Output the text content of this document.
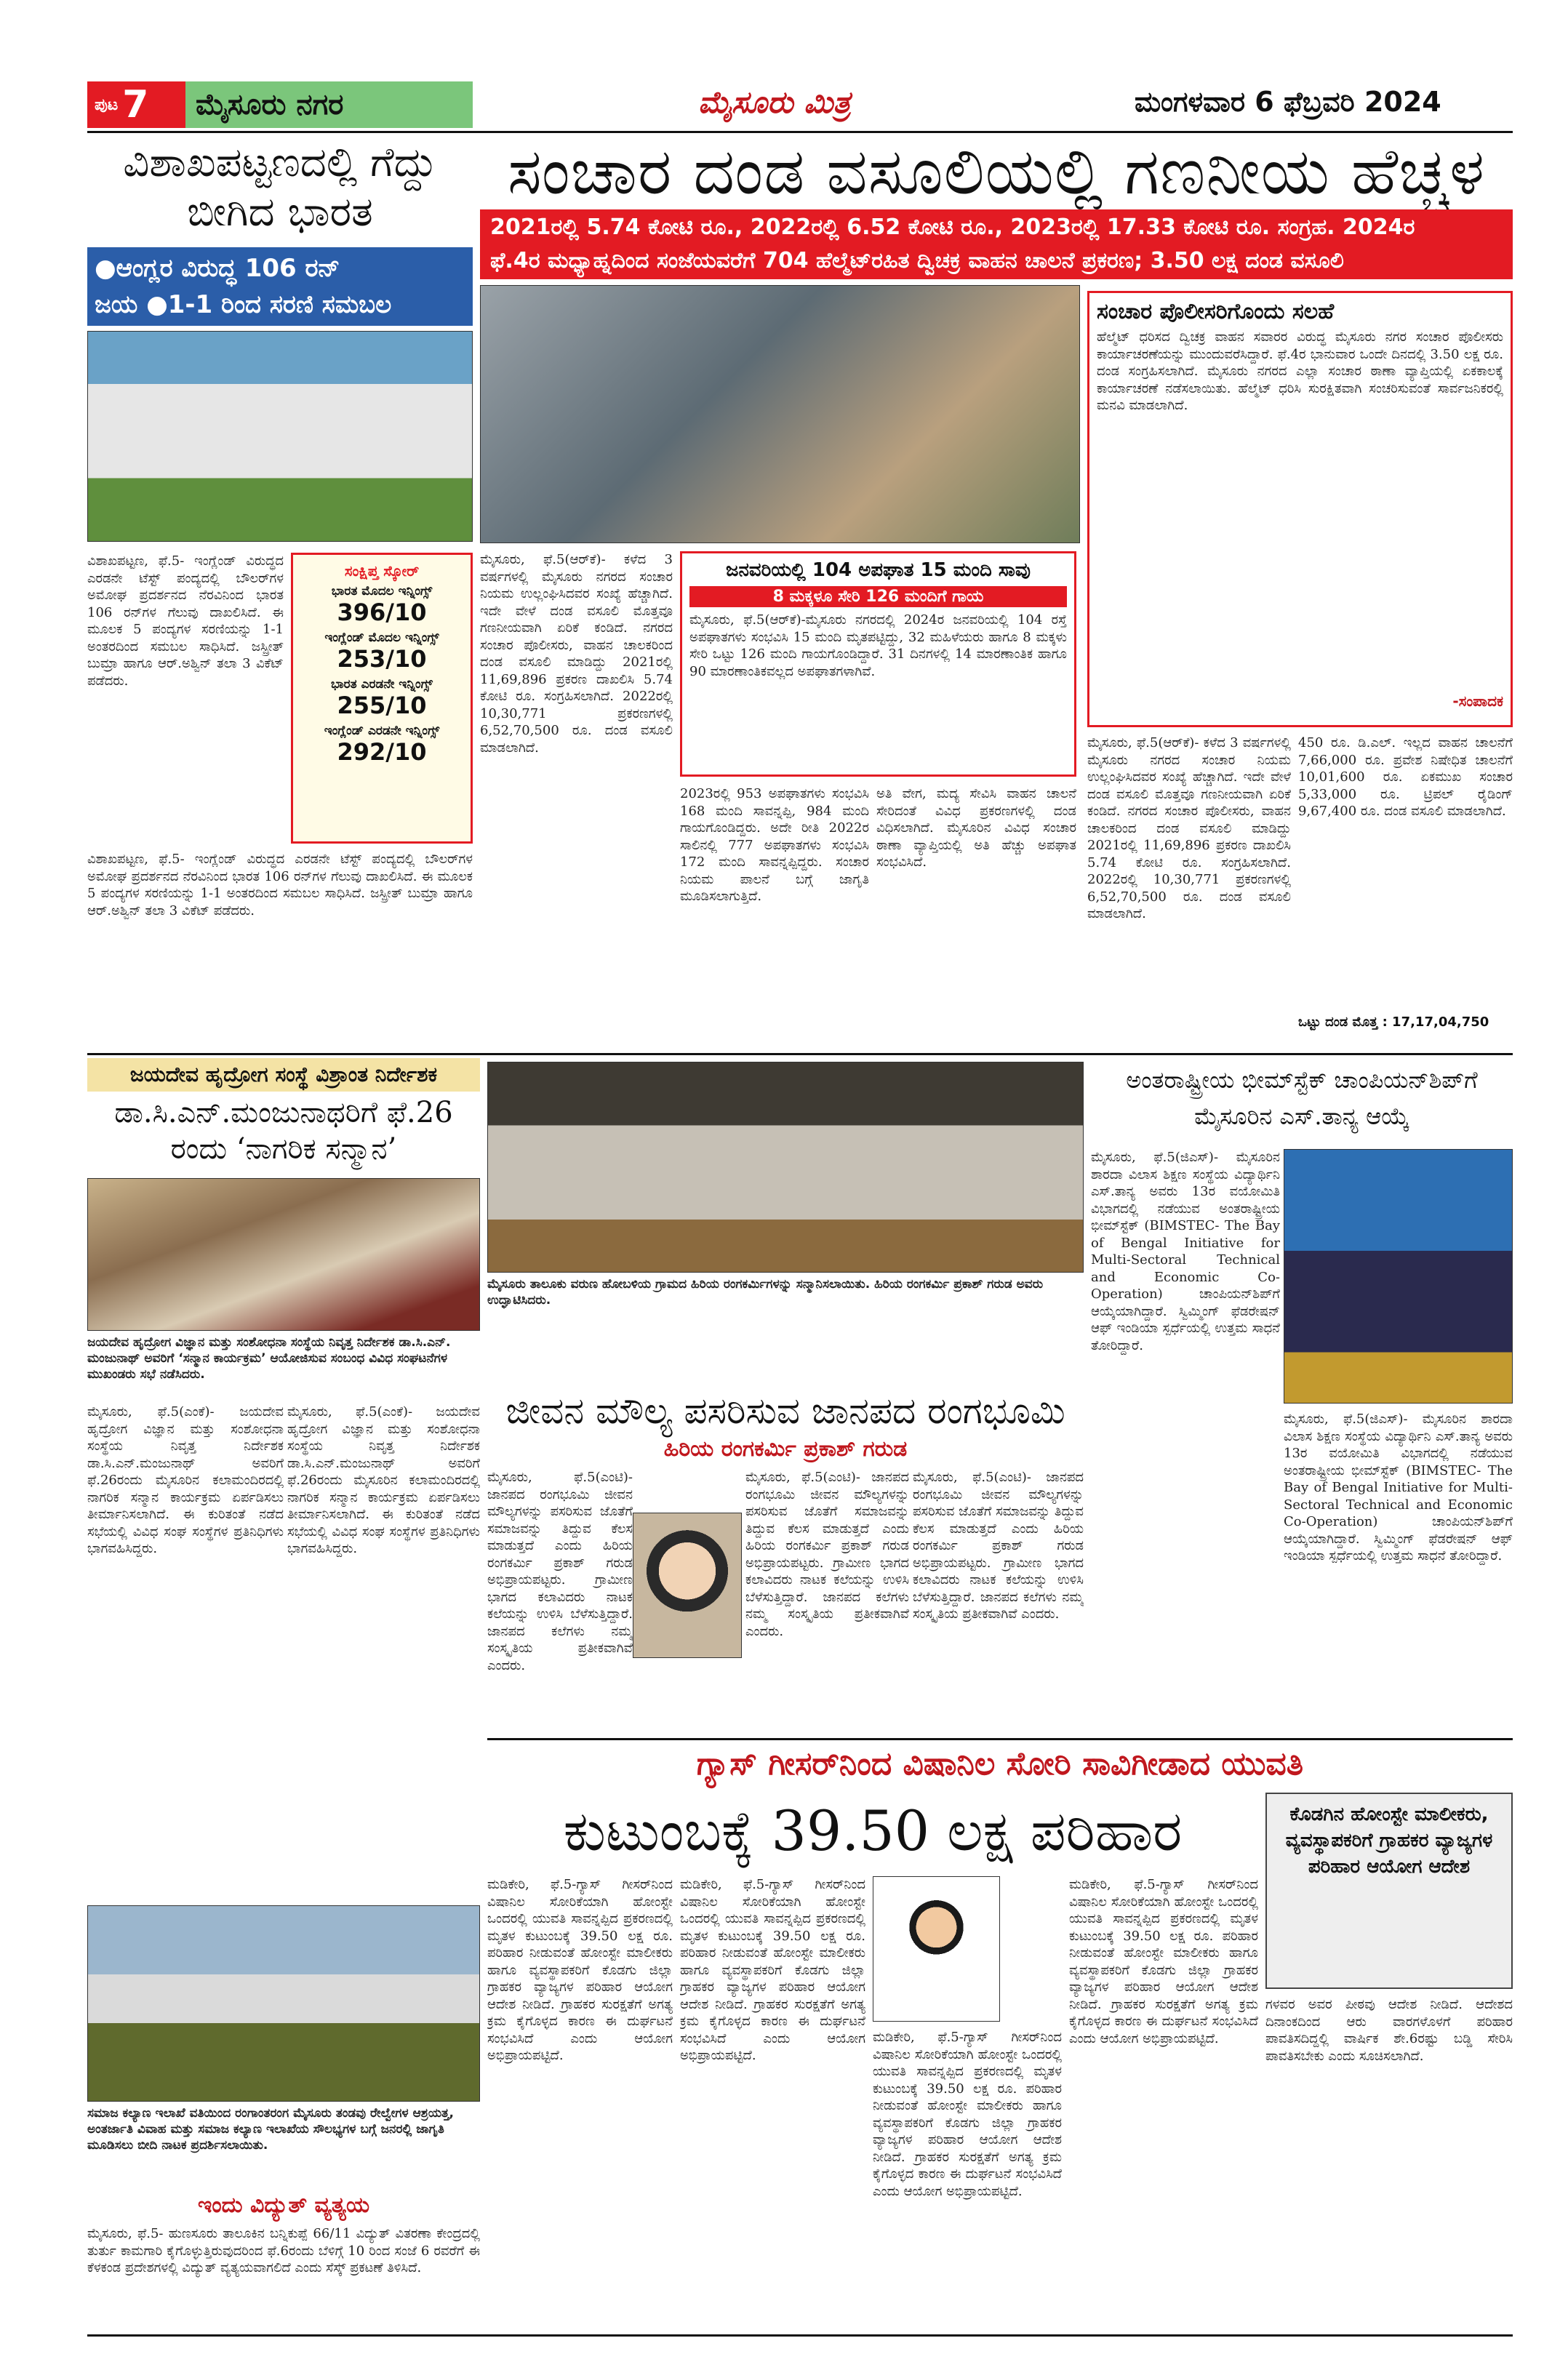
ಪುಟ 7	ಮೈಸೂರು ನಗರ	ಮೈಸೂರು ಮಿತ್ರ	ಮಂಗಳವಾರ 6 ಫೆಬ್ರವರಿ 2024
ವಿಶಾಖಪಟ್ಟಣದಲ್ಲಿ ಗೆದ್ದು ಬೀಗಿದ ಭಾರತ
●ಆಂಗ್ಲರ ವಿರುದ್ಧ 106 ರನ್
ಜಯ ●1-1 ರಿಂದ ಸರಣಿ ಸಮಬಲ
ವಿಶಾಖಪಟ್ಟಣ, ಫೆ.5- ಇಂಗ್ಲೆಂಡ್ ವಿರುದ್ಧದ ಎರಡನೇ ಟೆಸ್ಟ್ ಪಂದ್ಯದಲ್ಲಿ ಬೌಲರ್‌ಗಳ ಅಮೋಘ ಪ್ರದರ್ಶನದ ನೆರವಿನಿಂದ ಭಾರತ 106 ರನ್‌ಗಳ ಗೆಲುವು ದಾಖಲಿಸಿದೆ. ಈ ಮೂಲಕ 5 ಪಂದ್ಯಗಳ ಸರಣಿಯನ್ನು 1-1 ಅಂತರದಿಂದ ಸಮಬಲ ಸಾಧಿಸಿದೆ. ಜಸ್ಪ್ರೀತ್ ಬುಮ್ರಾ ಹಾಗೂ ಆರ್.ಅಶ್ವಿನ್ ತಲಾ 3 ವಿಕೆಟ್ ಪಡೆದರು.
ಸಂಕ್ಷಿಪ್ತ ಸ್ಕೋರ್
ಭಾರತ ಮೊದಲ ಇನ್ನಿಂಗ್ಸ್
396/10
ಇಂಗ್ಲೆಂಡ್ ಮೊದಲ ಇನ್ನಿಂಗ್ಸ್
253/10
ಭಾರತ ಎರಡನೇ ಇನ್ನಿಂಗ್ಸ್
255/10
ಇಂಗ್ಲೆಂಡ್ ಎರಡನೇ ಇನ್ನಿಂಗ್ಸ್
292/10
ವಿಶಾಖಪಟ್ಟಣ, ಫೆ.5- ಇಂಗ್ಲೆಂಡ್ ವಿರುದ್ಧದ ಎರಡನೇ ಟೆಸ್ಟ್ ಪಂದ್ಯದಲ್ಲಿ ಬೌಲರ್‌ಗಳ ಅಮೋಘ ಪ್ರದರ್ಶನದ ನೆರವಿನಿಂದ ಭಾರತ 106 ರನ್‌ಗಳ ಗೆಲುವು ದಾಖಲಿಸಿದೆ. ಈ ಮೂಲಕ 5 ಪಂದ್ಯಗಳ ಸರಣಿಯನ್ನು 1-1 ಅಂತರದಿಂದ ಸಮಬಲ ಸಾಧಿಸಿದೆ. ಜಸ್ಪ್ರೀತ್ ಬುಮ್ರಾ ಹಾಗೂ ಆರ್.ಅಶ್ವಿನ್ ತಲಾ 3 ವಿಕೆಟ್ ಪಡೆದರು.
ಸಂಚಾರ ದಂಡ ವಸೂಲಿಯಲ್ಲಿ ಗಣನೀಯ ಹೆಚ್ಚಳ
2021ರಲ್ಲಿ 5.74 ಕೋಟಿ ರೂ., 2022ರಲ್ಲಿ 6.52 ಕೋಟಿ ರೂ., 2023ರಲ್ಲಿ 17.33 ಕೋಟಿ ರೂ. ಸಂಗ್ರಹ. 2024ರ
ಫೆ.4ರ ಮಧ್ಯಾಹ್ನದಿಂದ ಸಂಜೆಯವರೆಗೆ 704 ಹೆಲ್ಮೆಟ್‌ರಹಿತ ದ್ವಿಚಕ್ರ ವಾಹನ ಚಾಲನೆ ಪ್ರಕರಣ; 3.50 ಲಕ್ಷ ದಂಡ ವಸೂಲಿ
ಮೈಸೂರು, ಫೆ.5(ಆರ್‌ಕೆ)- ಕಳೆದ 3 ವರ್ಷಗಳಲ್ಲಿ ಮೈಸೂರು ನಗರದ ಸಂಚಾರ ನಿಯಮ ಉಲ್ಲಂಘಿಸಿದವರ ಸಂಖ್ಯೆ ಹೆಚ್ಚಾಗಿದೆ. ಇದೇ ವೇಳೆ ದಂಡ ವಸೂಲಿ ಮೊತ್ತವೂ ಗಣನೀಯವಾಗಿ ಏರಿಕೆ ಕಂಡಿದೆ. ನಗರದ ಸಂಚಾರ ಪೊಲೀಸರು, ವಾಹನ ಚಾಲಕರಿಂದ ದಂಡ ವಸೂಲಿ ಮಾಡಿದ್ದು 2021ರಲ್ಲಿ 11,69,896 ಪ್ರಕರಣ ದಾಖಲಿಸಿ 5.74 ಕೋಟಿ ರೂ. ಸಂಗ್ರಹಿಸಲಾಗಿದೆ. 2022ರಲ್ಲಿ 10,30,771 ಪ್ರಕರಣಗಳಲ್ಲಿ 6,52,70,500 ರೂ. ದಂಡ ವಸೂಲಿ ಮಾಡಲಾಗಿದೆ.
ಜನವರಿಯಲ್ಲಿ 104 ಅಪಘಾತ 15 ಮಂದಿ ಸಾವು
8 ಮಕ್ಕಳೂ ಸೇರಿ 126 ಮಂದಿಗೆ ಗಾಯ
ಮೈಸೂರು, ಫೆ.5(ಆರ್‌ಕೆ)-ಮೈಸೂರು ನಗರದಲ್ಲಿ 2024ರ ಜನವರಿಯಲ್ಲಿ 104 ರಸ್ತೆ ಅಪಘಾತಗಳು ಸಂಭವಿಸಿ 15 ಮಂದಿ ಮೃತಪಟ್ಟಿದ್ದು, 32 ಮಹಿಳೆಯರು ಹಾಗೂ 8 ಮಕ್ಕಳು ಸೇರಿ ಒಟ್ಟು 126 ಮಂದಿ ಗಾಯಗೊಂಡಿದ್ದಾರೆ. 31 ದಿನಗಳಲ್ಲಿ 14 ಮಾರಣಾಂತಿಕ ಹಾಗೂ 90 ಮಾರಣಾಂತಿಕವಲ್ಲದ ಅಪಘಾತಗಳಾಗಿವೆ.
2023ರಲ್ಲಿ 953 ಅಪಘಾತಗಳು ಸಂಭವಿಸಿ 168 ಮಂದಿ ಸಾವನ್ನಪ್ಪಿ, 984 ಮಂದಿ ಗಾಯಗೊಂಡಿದ್ದರು. ಅದೇ ರೀತಿ 2022ರ ಸಾಲಿನಲ್ಲಿ 777 ಅಪಘಾತಗಳು ಸಂಭವಿಸಿ 172 ಮಂದಿ ಸಾವನ್ನಪ್ಪಿದ್ದರು. ಸಂಚಾರ ನಿಯಮ ಪಾಲನೆ ಬಗ್ಗೆ ಜಾಗೃತಿ ಮೂಡಿಸಲಾಗುತ್ತಿದೆ.
ಅತಿ ವೇಗ, ಮದ್ಯ ಸೇವಿಸಿ ವಾಹನ ಚಾಲನೆ ಸೇರಿದಂತೆ ವಿವಿಧ ಪ್ರಕರಣಗಳಲ್ಲಿ ದಂಡ ವಿಧಿಸಲಾಗಿದೆ. ಮೈಸೂರಿನ ವಿವಿಧ ಸಂಚಾರ ಠಾಣಾ ವ್ಯಾಪ್ತಿಯಲ್ಲಿ ಅತಿ ಹೆಚ್ಚು ಅಪಘಾತ ಸಂಭವಿಸಿದೆ.
ಸಂಚಾರ ಪೊಲೀಸರಿಗೊಂದು ಸಲಹೆ
ಹೆಲ್ಮೆಟ್ ಧರಿಸದ ದ್ವಿಚಕ್ರ ವಾಹನ ಸವಾರರ ವಿರುದ್ಧ ಮೈಸೂರು ನಗರ ಸಂಚಾರ ಪೊಲೀಸರು ಕಾರ್ಯಾಚರಣೆಯನ್ನು ಮುಂದುವರೆಸಿದ್ದಾರೆ. ಫೆ.4ರ ಭಾನುವಾರ ಒಂದೇ ದಿನದಲ್ಲಿ 3.50 ಲಕ್ಷ ರೂ. ದಂಡ ಸಂಗ್ರಹಿಸಲಾಗಿದೆ. ಮೈಸೂರು ನಗರದ ಎಲ್ಲಾ ಸಂಚಾರ ಠಾಣಾ ವ್ಯಾಪ್ತಿಯಲ್ಲಿ ಏಕಕಾಲಕ್ಕೆ ಕಾರ್ಯಾಚರಣೆ ನಡೆಸಲಾಯಿತು. ಹೆಲ್ಮೆಟ್ ಧರಿಸಿ ಸುರಕ್ಷಿತವಾಗಿ ಸಂಚರಿಸುವಂತೆ ಸಾರ್ವಜನಿಕರಲ್ಲಿ ಮನವಿ ಮಾಡಲಾಗಿದೆ.
-ಸಂಪಾದಕ
ಮೈಸೂರು, ಫೆ.5(ಆರ್‌ಕೆ)- ಕಳೆದ 3 ವರ್ಷಗಳಲ್ಲಿ ಮೈಸೂರು ನಗರದ ಸಂಚಾರ ನಿಯಮ ಉಲ್ಲಂಘಿಸಿದವರ ಸಂಖ್ಯೆ ಹೆಚ್ಚಾಗಿದೆ. ಇದೇ ವೇಳೆ ದಂಡ ವಸೂಲಿ ಮೊತ್ತವೂ ಗಣನೀಯವಾಗಿ ಏರಿಕೆ ಕಂಡಿದೆ. ನಗರದ ಸಂಚಾರ ಪೊಲೀಸರು, ವಾಹನ ಚಾಲಕರಿಂದ ದಂಡ ವಸೂಲಿ ಮಾಡಿದ್ದು 2021ರಲ್ಲಿ 11,69,896 ಪ್ರಕರಣ ದಾಖಲಿಸಿ 5.74 ಕೋಟಿ ರೂ. ಸಂಗ್ರಹಿಸಲಾಗಿದೆ. 2022ರಲ್ಲಿ 10,30,771 ಪ್ರಕರಣಗಳಲ್ಲಿ 6,52,70,500 ರೂ. ದಂಡ ವಸೂಲಿ ಮಾಡಲಾಗಿದೆ.
450 ರೂ. ಡಿ.ಎಲ್. ಇಲ್ಲದ ವಾಹನ ಚಾಲನೆಗೆ 7,66,000 ರೂ. ಪ್ರವೇಶ ನಿಷೇಧಿತ ಚಾಲನೆಗೆ 10,01,600 ರೂ. ಏಕಮುಖ ಸಂಚಾರ 5,33,000 ರೂ. ಟ್ರಿಪಲ್ ರೈಡಿಂಗ್ 9,67,400 ರೂ. ದಂಡ ವಸೂಲಿ ಮಾಡಲಾಗಿದೆ.
ಒಟ್ಟು ದಂಡ ಮೊತ್ತ : 17,17,04,750
ಜಯದೇವ ಹೃದ್ರೋಗ ಸಂಸ್ಥೆ ವಿಶ್ರಾಂತ ನಿರ್ದೇಶಕ
ಡಾ.ಸಿ.ಎನ್.ಮಂಜುನಾಥರಿಗೆ ಫೆ.26 ರಂದು ‘ನಾಗರಿಕ ಸನ್ಮಾನ’
ಜಯದೇವ ಹೃದ್ರೋಗ ವಿಜ್ಞಾನ ಮತ್ತು ಸಂಶೋಧನಾ ಸಂಸ್ಥೆಯ ನಿವೃತ್ತ ನಿರ್ದೇಶಕ ಡಾ.ಸಿ.ಎನ್. ಮಂಜುನಾಥ್ ಅವರಿಗೆ ‘ಸನ್ಮಾನ ಕಾರ್ಯಕ್ರಮ’ ಆಯೋಜಿಸುವ ಸಂಬಂಧ ವಿವಿಧ ಸಂಘಟನೆಗಳ ಮುಖಂಡರು ಸಭೆ ನಡೆಸಿದರು.
ಮೈಸೂರು, ಫೆ.5(ಎಂಕೆ)- ಜಯದೇವ ಹೃದ್ರೋಗ ವಿಜ್ಞಾನ ಮತ್ತು ಸಂಶೋಧನಾ ಸಂಸ್ಥೆಯ ನಿವೃತ್ತ ನಿರ್ದೇಶಕ ಡಾ.ಸಿ.ಎನ್.ಮಂಜುನಾಥ್ ಅವರಿಗೆ ಫೆ.26ರಂದು ಮೈಸೂರಿನ ಕಲಾಮಂದಿರದಲ್ಲಿ ನಾಗರಿಕ ಸನ್ಮಾನ ಕಾರ್ಯಕ್ರಮ ಏರ್ಪಡಿಸಲು ತೀರ್ಮಾನಿಸಲಾಗಿದೆ. ಈ ಕುರಿತಂತೆ ನಡೆದ ಸಭೆಯಲ್ಲಿ ವಿವಿಧ ಸಂಘ ಸಂಸ್ಥೆಗಳ ಪ್ರತಿನಿಧಿಗಳು ಭಾಗವಹಿಸಿದ್ದರು.
ಮೈಸೂರು, ಫೆ.5(ಎಂಕೆ)- ಜಯದೇವ ಹೃದ್ರೋಗ ವಿಜ್ಞಾನ ಮತ್ತು ಸಂಶೋಧನಾ ಸಂಸ್ಥೆಯ ನಿವೃತ್ತ ನಿರ್ದೇಶಕ ಡಾ.ಸಿ.ಎನ್.ಮಂಜುನಾಥ್ ಅವರಿಗೆ ಫೆ.26ರಂದು ಮೈಸೂರಿನ ಕಲಾಮಂದಿರದಲ್ಲಿ ನಾಗರಿಕ ಸನ್ಮಾನ ಕಾರ್ಯಕ್ರಮ ಏರ್ಪಡಿಸಲು ತೀರ್ಮಾನಿಸಲಾಗಿದೆ. ಈ ಕುರಿತಂತೆ ನಡೆದ ಸಭೆಯಲ್ಲಿ ವಿವಿಧ ಸಂಘ ಸಂಸ್ಥೆಗಳ ಪ್ರತಿನಿಧಿಗಳು ಭಾಗವಹಿಸಿದ್ದರು.
ಮೈಸೂರು ತಾಲೂಕು ವರುಣ ಹೋಬಳಿಯ ಗ್ರಾಮದ ಹಿರಿಯ ರಂಗಕರ್ಮಿಗಳನ್ನು ಸನ್ಮಾನಿಸಲಾಯಿತು. ಹಿರಿಯ ರಂಗಕರ್ಮಿ ಪ್ರಕಾಶ್ ಗರುಡ ಅವರು ಉದ್ಘಾಟಿಸಿದರು.
ಜೀವನ ಮೌಲ್ಯ ಪಸರಿಸುವ ಜಾನಪದ ರಂಗಭೂಮಿ
ಹಿರಿಯ ರಂಗಕರ್ಮಿ ಪ್ರಕಾಶ್ ಗರುಡ
ಮೈಸೂರು, ಫೆ.5(ಎಂಟಿ)- ಜಾನಪದ ರಂಗಭೂಮಿ ಜೀವನ ಮೌಲ್ಯಗಳನ್ನು ಪಸರಿಸುವ ಜೊತೆಗೆ ಸಮಾಜವನ್ನು ತಿದ್ದುವ ಕೆಲಸ ಮಾಡುತ್ತದೆ ಎಂದು ಹಿರಿಯ ರಂಗಕರ್ಮಿ ಪ್ರಕಾಶ್ ಗರುಡ ಅಭಿಪ್ರಾಯಪಟ್ಟರು. ಗ್ರಾಮೀಣ ಭಾಗದ ಕಲಾವಿದರು ನಾಟಕ ಕಲೆಯನ್ನು ಉಳಿಸಿ ಬೆಳೆಸುತ್ತಿದ್ದಾರೆ. ಜಾನಪದ ಕಲೆಗಳು ನಮ್ಮ ಸಂಸ್ಕೃತಿಯ ಪ್ರತೀಕವಾಗಿವೆ ಎಂದರು.
ಮೈಸೂರು, ಫೆ.5(ಎಂಟಿ)- ಜಾನಪದ ರಂಗಭೂಮಿ ಜೀವನ ಮೌಲ್ಯಗಳನ್ನು ಪಸರಿಸುವ ಜೊತೆಗೆ ಸಮಾಜವನ್ನು ತಿದ್ದುವ ಕೆಲಸ ಮಾಡುತ್ತದೆ ಎಂದು ಹಿರಿಯ ರಂಗಕರ್ಮಿ ಪ್ರಕಾಶ್ ಗರುಡ ಅಭಿಪ್ರಾಯಪಟ್ಟರು. ಗ್ರಾಮೀಣ ಭಾಗದ ಕಲಾವಿದರು ನಾಟಕ ಕಲೆಯನ್ನು ಉಳಿಸಿ ಬೆಳೆಸುತ್ತಿದ್ದಾರೆ. ಜಾನಪದ ಕಲೆಗಳು ನಮ್ಮ ಸಂಸ್ಕೃತಿಯ ಪ್ರತೀಕವಾಗಿವೆ ಎಂದರು.
ಮೈಸೂರು, ಫೆ.5(ಎಂಟಿ)- ಜಾನಪದ ರಂಗಭೂಮಿ ಜೀವನ ಮೌಲ್ಯಗಳನ್ನು ಪಸರಿಸುವ ಜೊತೆಗೆ ಸಮಾಜವನ್ನು ತಿದ್ದುವ ಕೆಲಸ ಮಾಡುತ್ತದೆ ಎಂದು ಹಿರಿಯ ರಂಗಕರ್ಮಿ ಪ್ರಕಾಶ್ ಗರುಡ ಅಭಿಪ್ರಾಯಪಟ್ಟರು. ಗ್ರಾಮೀಣ ಭಾಗದ ಕಲಾವಿದರು ನಾಟಕ ಕಲೆಯನ್ನು ಉಳಿಸಿ ಬೆಳೆಸುತ್ತಿದ್ದಾರೆ. ಜಾನಪದ ಕಲೆಗಳು ನಮ್ಮ ಸಂಸ್ಕೃತಿಯ ಪ್ರತೀಕವಾಗಿವೆ ಎಂದರು.
ಅಂತರಾಷ್ಟ್ರೀಯ ಭೀಮ್‌ಸ್ಟೆಕ್ ಚಾಂಪಿಯನ್‌ಶಿಪ್‌ಗೆ ಮೈಸೂರಿನ ಎಸ್.ತಾನ್ಯ ಆಯ್ಕೆ
ಮೈಸೂರು, ಫೆ.5(ಜಿಎಸ್)- ಮೈಸೂರಿನ ಶಾರದಾ ವಿಲಾಸ ಶಿಕ್ಷಣ ಸಂಸ್ಥೆಯ ವಿದ್ಯಾರ್ಥಿನಿ ಎಸ್.ತಾನ್ಯ ಅವರು 13ರ ವಯೋಮಿತಿ ವಿಭಾಗದಲ್ಲಿ ನಡೆಯುವ ಅಂತರಾಷ್ಟ್ರೀಯ ಭೀಮ್‌ಸ್ಟೆಕ್ (BIMSTEC- The Bay of Bengal Initiative for Multi-Sectoral Technical and Economic Co-Operation) ಚಾಂಪಿಯನ್‌ಶಿಪ್‌ಗೆ ಆಯ್ಕೆಯಾಗಿದ್ದಾರೆ. ಸ್ವಿಮ್ಮಿಂಗ್ ಫೆಡರೇಷನ್ ಆಫ್ ಇಂಡಿಯಾ ಸ್ಪರ್ಧೆಯಲ್ಲಿ ಉತ್ತಮ ಸಾಧನೆ ತೋರಿದ್ದಾರೆ.
ಮೈಸೂರು, ಫೆ.5(ಜಿಎಸ್)- ಮೈಸೂರಿನ ಶಾರದಾ ವಿಲಾಸ ಶಿಕ್ಷಣ ಸಂಸ್ಥೆಯ ವಿದ್ಯಾರ್ಥಿನಿ ಎಸ್.ತಾನ್ಯ ಅವರು 13ರ ವಯೋಮಿತಿ ವಿಭಾಗದಲ್ಲಿ ನಡೆಯುವ ಅಂತರಾಷ್ಟ್ರೀಯ ಭೀಮ್‌ಸ್ಟೆಕ್ (BIMSTEC- The Bay of Bengal Initiative for Multi-Sectoral Technical and Economic Co-Operation) ಚಾಂಪಿಯನ್‌ಶಿಪ್‌ಗೆ ಆಯ್ಕೆಯಾಗಿದ್ದಾರೆ. ಸ್ವಿಮ್ಮಿಂಗ್ ಫೆಡರೇಷನ್ ಆಫ್ ಇಂಡಿಯಾ ಸ್ಪರ್ಧೆಯಲ್ಲಿ ಉತ್ತಮ ಸಾಧನೆ ತೋರಿದ್ದಾರೆ.
ಗ್ಯಾಸ್ ಗೀಸರ್‌ನಿಂದ ವಿಷಾನಿಲ ಸೋರಿ ಸಾವಿಗೀಡಾದ ಯುವತಿ
ಕುಟುಂಬಕ್ಕೆ 39.50 ಲಕ್ಷ ಪರಿಹಾರ	ಕೊಡಗಿನ ಹೋಂಸ್ಟೇ ಮಾಲೀಕರು, ವ್ಯವಸ್ಥಾಪಕರಿಗೆ ಗ್ರಾಹಕರ ವ್ಯಾಜ್ಯಗಳ ಪರಿಹಾರ ಆಯೋಗ ಆದೇಶ
ಮಡಿಕೇರಿ, ಫೆ.5-ಗ್ಯಾಸ್ ಗೀಸರ್‌ನಿಂದ ವಿಷಾನಿಲ ಸೋರಿಕೆಯಾಗಿ ಹೋಂಸ್ಟೇ ಒಂದರಲ್ಲಿ ಯುವತಿ ಸಾವನ್ನಪ್ಪಿದ ಪ್ರಕರಣದಲ್ಲಿ ಮೃತಳ ಕುಟುಂಬಕ್ಕೆ 39.50 ಲಕ್ಷ ರೂ. ಪರಿಹಾರ ನೀಡುವಂತೆ ಹೋಂಸ್ಟೇ ಮಾಲೀಕರು ಹಾಗೂ ವ್ಯವಸ್ಥಾಪಕರಿಗೆ ಕೊಡಗು ಜಿಲ್ಲಾ ಗ್ರಾಹಕರ ವ್ಯಾಜ್ಯಗಳ ಪರಿಹಾರ ಆಯೋಗ ಆದೇಶ ನೀಡಿದೆ. ಗ್ರಾಹಕರ ಸುರಕ್ಷತೆಗೆ ಅಗತ್ಯ ಕ್ರಮ ಕೈಗೊಳ್ಳದ ಕಾರಣ ಈ ದುರ್ಘಟನೆ ಸಂಭವಿಸಿದೆ ಎಂದು ಆಯೋಗ ಅಭಿಪ್ರಾಯಪಟ್ಟಿದೆ.
ಮಡಿಕೇರಿ, ಫೆ.5-ಗ್ಯಾಸ್ ಗೀಸರ್‌ನಿಂದ ವಿಷಾನಿಲ ಸೋರಿಕೆಯಾಗಿ ಹೋಂಸ್ಟೇ ಒಂದರಲ್ಲಿ ಯುವತಿ ಸಾವನ್ನಪ್ಪಿದ ಪ್ರಕರಣದಲ್ಲಿ ಮೃತಳ ಕುಟುಂಬಕ್ಕೆ 39.50 ಲಕ್ಷ ರೂ. ಪರಿಹಾರ ನೀಡುವಂತೆ ಹೋಂಸ್ಟೇ ಮಾಲೀಕರು ಹಾಗೂ ವ್ಯವಸ್ಥಾಪಕರಿಗೆ ಕೊಡಗು ಜಿಲ್ಲಾ ಗ್ರಾಹಕರ ವ್ಯಾಜ್ಯಗಳ ಪರಿಹಾರ ಆಯೋಗ ಆದೇಶ ನೀಡಿದೆ. ಗ್ರಾಹಕರ ಸುರಕ್ಷತೆಗೆ ಅಗತ್ಯ ಕ್ರಮ ಕೈಗೊಳ್ಳದ ಕಾರಣ ಈ ದುರ್ಘಟನೆ ಸಂಭವಿಸಿದೆ ಎಂದು ಆಯೋಗ ಅಭಿಪ್ರಾಯಪಟ್ಟಿದೆ.
ಮಡಿಕೇರಿ, ಫೆ.5-ಗ್ಯಾಸ್ ಗೀಸರ್‌ನಿಂದ ವಿಷಾನಿಲ ಸೋರಿಕೆಯಾಗಿ ಹೋಂಸ್ಟೇ ಒಂದರಲ್ಲಿ ಯುವತಿ ಸಾವನ್ನಪ್ಪಿದ ಪ್ರಕರಣದಲ್ಲಿ ಮೃತಳ ಕುಟುಂಬಕ್ಕೆ 39.50 ಲಕ್ಷ ರೂ. ಪರಿಹಾರ ನೀಡುವಂತೆ ಹೋಂಸ್ಟೇ ಮಾಲೀಕರು ಹಾಗೂ ವ್ಯವಸ್ಥಾಪಕರಿಗೆ ಕೊಡಗು ಜಿಲ್ಲಾ ಗ್ರಾಹಕರ ವ್ಯಾಜ್ಯಗಳ ಪರಿಹಾರ ಆಯೋಗ ಆದೇಶ ನೀಡಿದೆ. ಗ್ರಾಹಕರ ಸುರಕ್ಷತೆಗೆ ಅಗತ್ಯ ಕ್ರಮ ಕೈಗೊಳ್ಳದ ಕಾರಣ ಈ ದುರ್ಘಟನೆ ಸಂಭವಿಸಿದೆ ಎಂದು ಆಯೋಗ ಅಭಿಪ್ರಾಯಪಟ್ಟಿದೆ.
ಮಡಿಕೇರಿ, ಫೆ.5-ಗ್ಯಾಸ್ ಗೀಸರ್‌ನಿಂದ ವಿಷಾನಿಲ ಸೋರಿಕೆಯಾಗಿ ಹೋಂಸ್ಟೇ ಒಂದರಲ್ಲಿ ಯುವತಿ ಸಾವನ್ನಪ್ಪಿದ ಪ್ರಕರಣದಲ್ಲಿ ಮೃತಳ ಕುಟುಂಬಕ್ಕೆ 39.50 ಲಕ್ಷ ರೂ. ಪರಿಹಾರ ನೀಡುವಂತೆ ಹೋಂಸ್ಟೇ ಮಾಲೀಕರು ಹಾಗೂ ವ್ಯವಸ್ಥಾಪಕರಿಗೆ ಕೊಡಗು ಜಿಲ್ಲಾ ಗ್ರಾಹಕರ ವ್ಯಾಜ್ಯಗಳ ಪರಿಹಾರ ಆಯೋಗ ಆದೇಶ ನೀಡಿದೆ. ಗ್ರಾಹಕರ ಸುರಕ್ಷತೆಗೆ ಅಗತ್ಯ ಕ್ರಮ ಕೈಗೊಳ್ಳದ ಕಾರಣ ಈ ದುರ್ಘಟನೆ ಸಂಭವಿಸಿದೆ ಎಂದು ಆಯೋಗ ಅಭಿಪ್ರಾಯಪಟ್ಟಿದೆ.
ಗಳವರ ಅವರ ಪೀಠವು ಆದೇಶ ನೀಡಿದೆ. ಆದೇಶದ ದಿನಾಂಕದಿಂದ ಆರು ವಾರಗಳೊಳಗೆ ಪರಿಹಾರ ಪಾವತಿಸದಿದ್ದಲ್ಲಿ ವಾರ್ಷಿಕ ಶೇ.6ರಷ್ಟು ಬಡ್ಡಿ ಸೇರಿಸಿ ಪಾವತಿಸಬೇಕು ಎಂದು ಸೂಚಿಸಲಾಗಿದೆ.
ಸಮಾಜ ಕಲ್ಯಾಣ ಇಲಾಖೆ ವತಿಯಿಂದ ರಂಗಾಂತರಂಗ ಮೈಸೂರು ತಂಡವು ರೇಲ್ವೇಗಳ ಆಶ್ರಯತ್ತ, ಅಂತರ್ಜಾತಿ ವಿವಾಹ ಮತ್ತು ಸಮಾಜ ಕಲ್ಯಾಣ ಇಲಾಖೆಯ ಸೌಲಭ್ಯಗಳ ಬಗ್ಗೆ ಜನರಲ್ಲಿ ಜಾಗೃತಿ ಮೂಡಿಸಲು ಬೀದಿ ನಾಟಕ ಪ್ರದರ್ಶಿಸಲಾಯಿತು.
ಇಂದು ವಿದ್ಯುತ್ ವ್ಯತ್ಯಯ
ಮೈಸೂರು, ಫೆ.5- ಹುಣಸೂರು ತಾಲೂಕಿನ ಬನ್ನಿಕುಪ್ಪೆ 66/11 ವಿದ್ಯುತ್ ವಿತರಣಾ ಕೇಂದ್ರದಲ್ಲಿ ತುರ್ತು ಕಾಮಗಾರಿ ಕೈಗೊಳ್ಳುತ್ತಿರುವುದರಿಂದ ಫೆ.6ರಂದು ಬೆಳಿಗ್ಗೆ 10 ರಿಂದ ಸಂಜೆ 6 ರವರೆಗೆ ಈ ಕೆಳಕಂಡ ಪ್ರದೇಶಗಳಲ್ಲಿ ವಿದ್ಯುತ್ ವ್ಯತ್ಯಯವಾಗಲಿದೆ ಎಂದು ಸೆಸ್ಕ್ ಪ್ರಕಟಣೆ ತಿಳಿಸಿದೆ.
